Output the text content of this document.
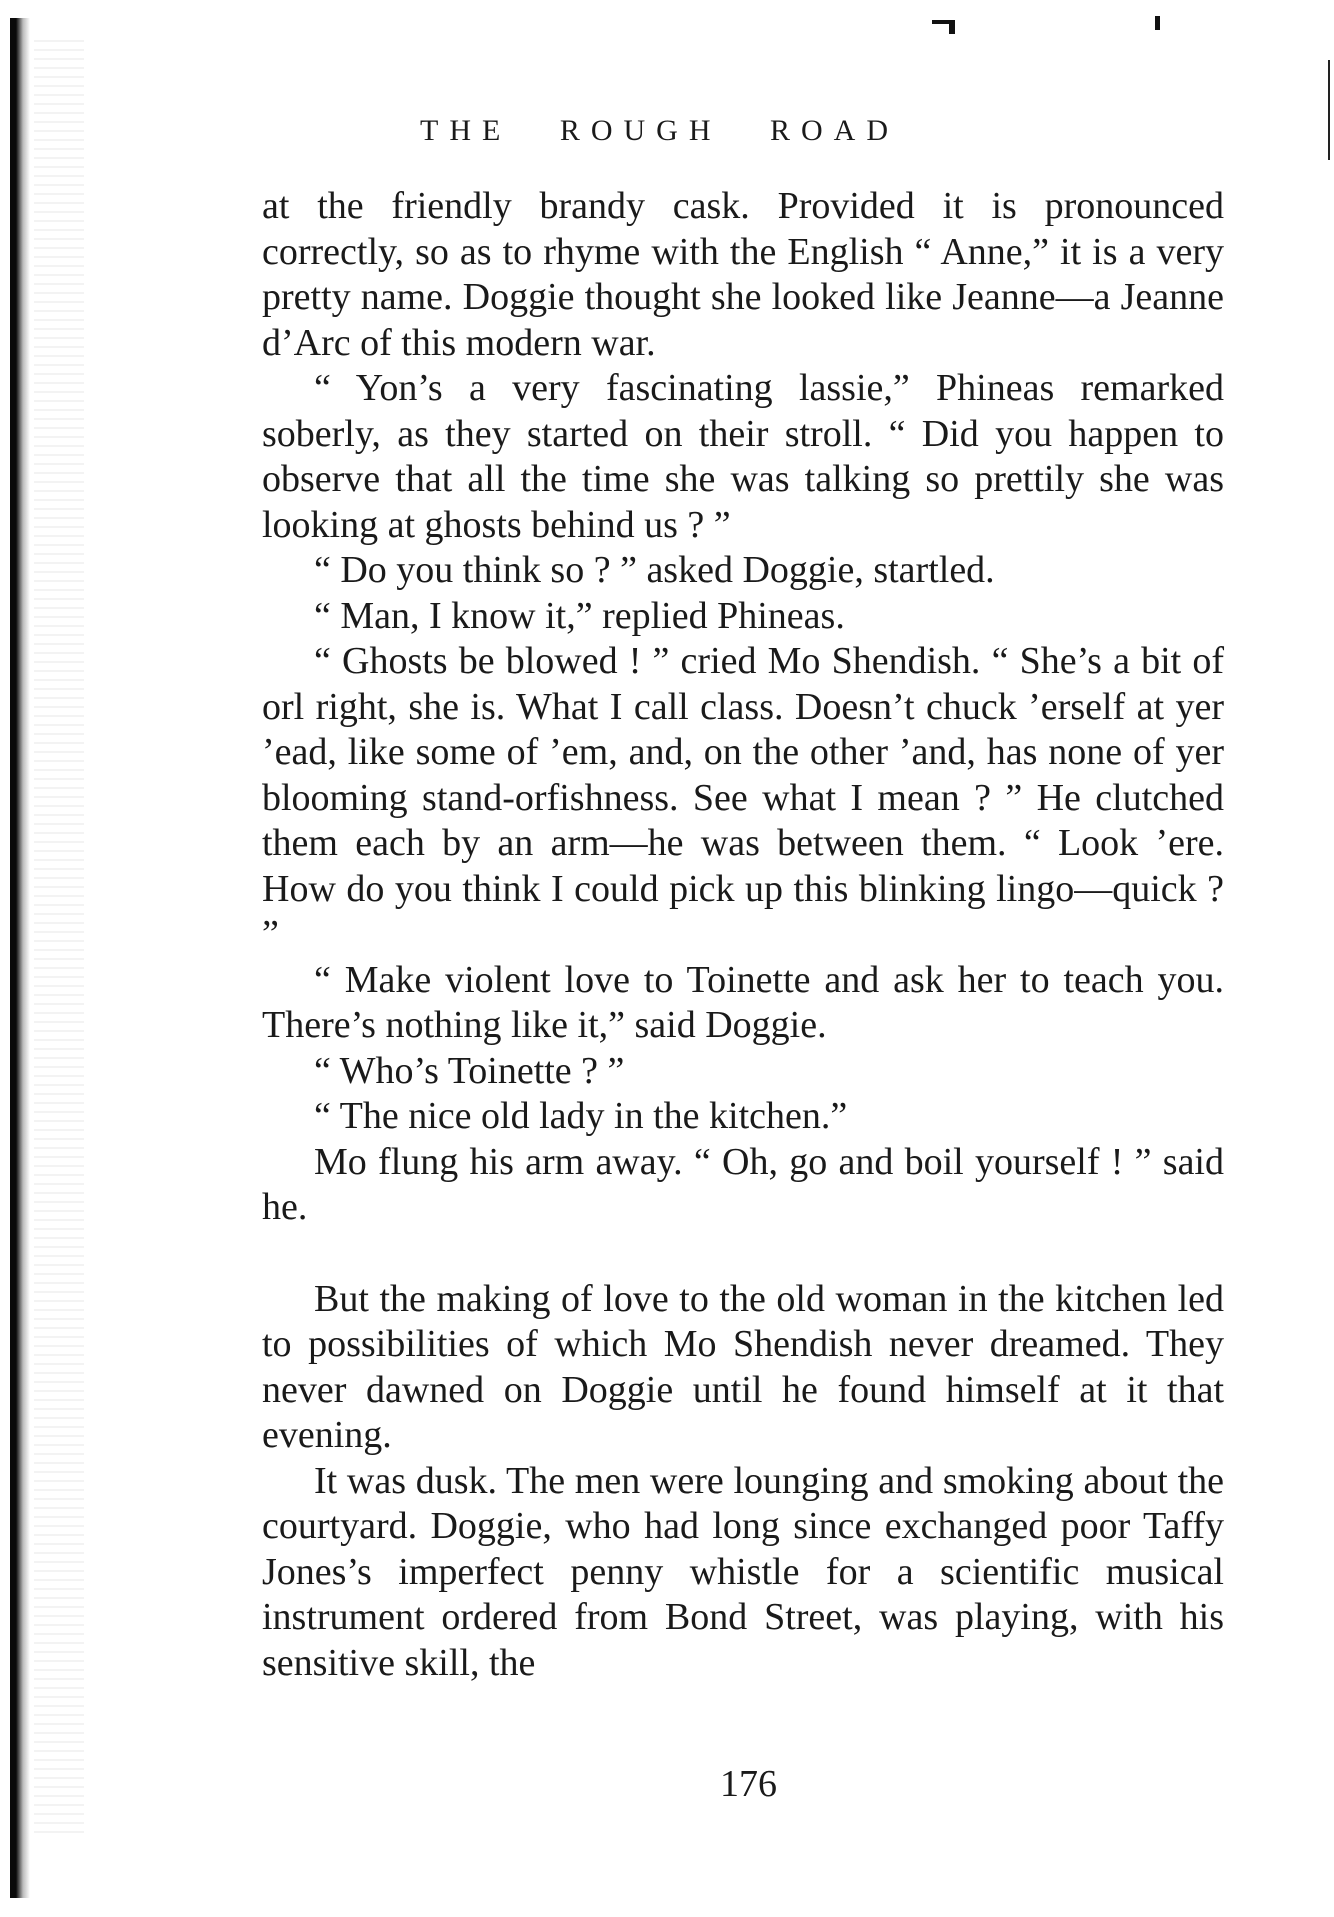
THE ROUGH ROAD

at the friendly brandy cask. Provided it is pronounced correctly, so as to rhyme with the English “ Anne,” it is a very pretty name. Doggie thought she looked like Jeanne—a Jeanne d’Arc of this modern war.

“ Yon’s a very fascinating lassie,” Phineas remarked soberly, as they started on their stroll. “ Did you happen to observe that all the time she was talking so prettily she was looking at ghosts behind us ? ”

“ Do you think so ? ” asked Doggie, startled.

“ Man, I know it,” replied Phineas.

“ Ghosts be blowed ! ” cried Mo Shendish. “ She’s a bit of orl right, she is. What I call class. Doesn’t chuck ’erself at yer ’ead, like some of ’em, and, on the other ’and, has none of yer blooming stand-orfishness. See what I mean ? ” He clutched them each by an arm—he was between them. “ Look ’ere. How do you think I could pick up this blinking lingo—quick ? ”

“ Make violent love to Toinette and ask her to teach you. There’s nothing like it,” said Doggie.

“ Who’s Toinette ? ”

“ The nice old lady in the kitchen.”

Mo flung his arm away. “ Oh, go and boil yourself ! ” said he.

But the making of love to the old woman in the kitchen led to possibilities of which Mo Shendish never dreamed. They never dawned on Doggie until he found himself at it that evening.

It was dusk. The men were lounging and smoking about the courtyard. Doggie, who had long since exchanged poor Taffy Jones’s imperfect penny whistle for a scientific musical instrument ordered from Bond Street, was playing, with his sensitive skill, the

176
